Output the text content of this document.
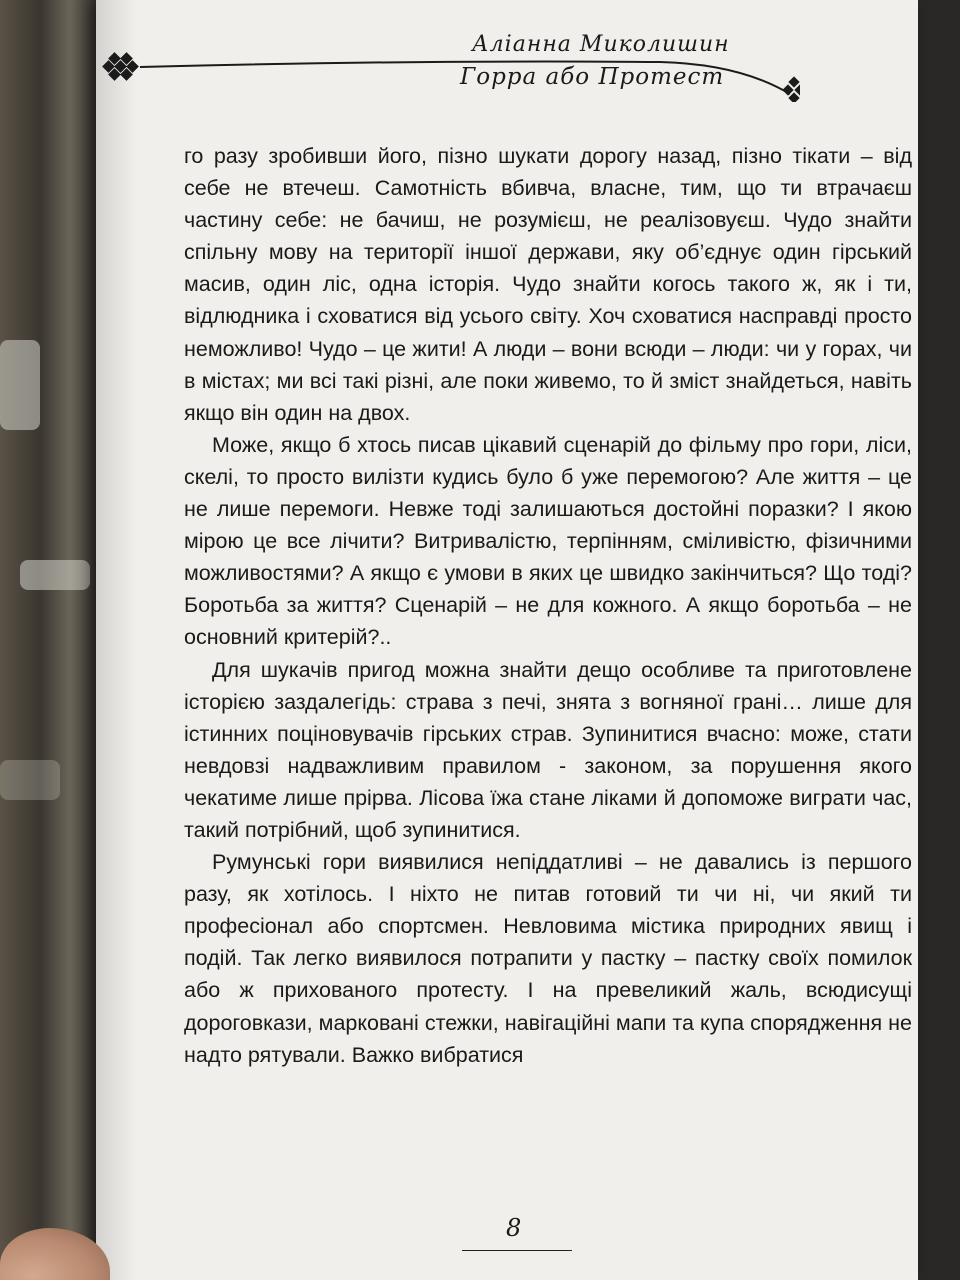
Аліанна Миколишин
Горра або Протест

го разу зробивши його, пізно шукати дорогу назад, пізно тікати – від себе не втечеш. Самотність вбивча, власне, тим, що ти втрачаєш частину себе: не бачиш, не розумієш, не реалізовуєш. Чудо знайти спільну мову на території іншої держави, яку об’єднує один гірський масив, один ліс, одна історія. Чудо знайти когось такого ж, як і ти, відлюдника і сховатися від усього світу. Хоч сховатися насправді просто неможливо! Чудо – це жити! А люди – вони всюди – люди: чи у горах, чи в містах; ми всі такі різні, але поки живемо, то й зміст знайдеться, навіть якщо він один на двох.

Може, якщо б хтось писав цікавий сценарій до фільму про гори, ліси, скелі, то просто вилізти кудись було б уже перемогою? Але життя – це не лише перемоги. Невже тоді залишаються достойні поразки? І якою мірою це все лічити? Витривалістю, терпінням, сміливістю, фізичними можливостями? А якщо є умови в яких це швидко закінчиться? Що тоді? Боротьба за життя? Сценарій – не для кожного. А якщо боротьба – не основний критерій?..

Для шукачів пригод можна знайти дещо особливе та приготовлене історією заздалегідь: страва з печі, знята з вогняної грані… лише для істинних поціновувачів гірських страв. Зупинитися вчасно: може, стати невдовзі надважливим правилом - законом, за порушення якого чекатиме лише прірва. Лісова їжа стане ліками й допоможе виграти час, такий потрібний, щоб зупинитися.

Румунські гори виявилися непіддатливі – не давались із першого разу, як хотілось. І ніхто не питав готовий ти чи ні, чи який ти професіонал або спортсмен. Невловима містика природних явищ і подій. Так легко виявилося потрапити у пастку – пастку своїх помилок або ж прихованого протесту. І на превеликий жаль, всюдисущі дороговкази, марковані стежки, навігаційні мапи та купа спорядження не надто рятували. Важко вибратися

8
